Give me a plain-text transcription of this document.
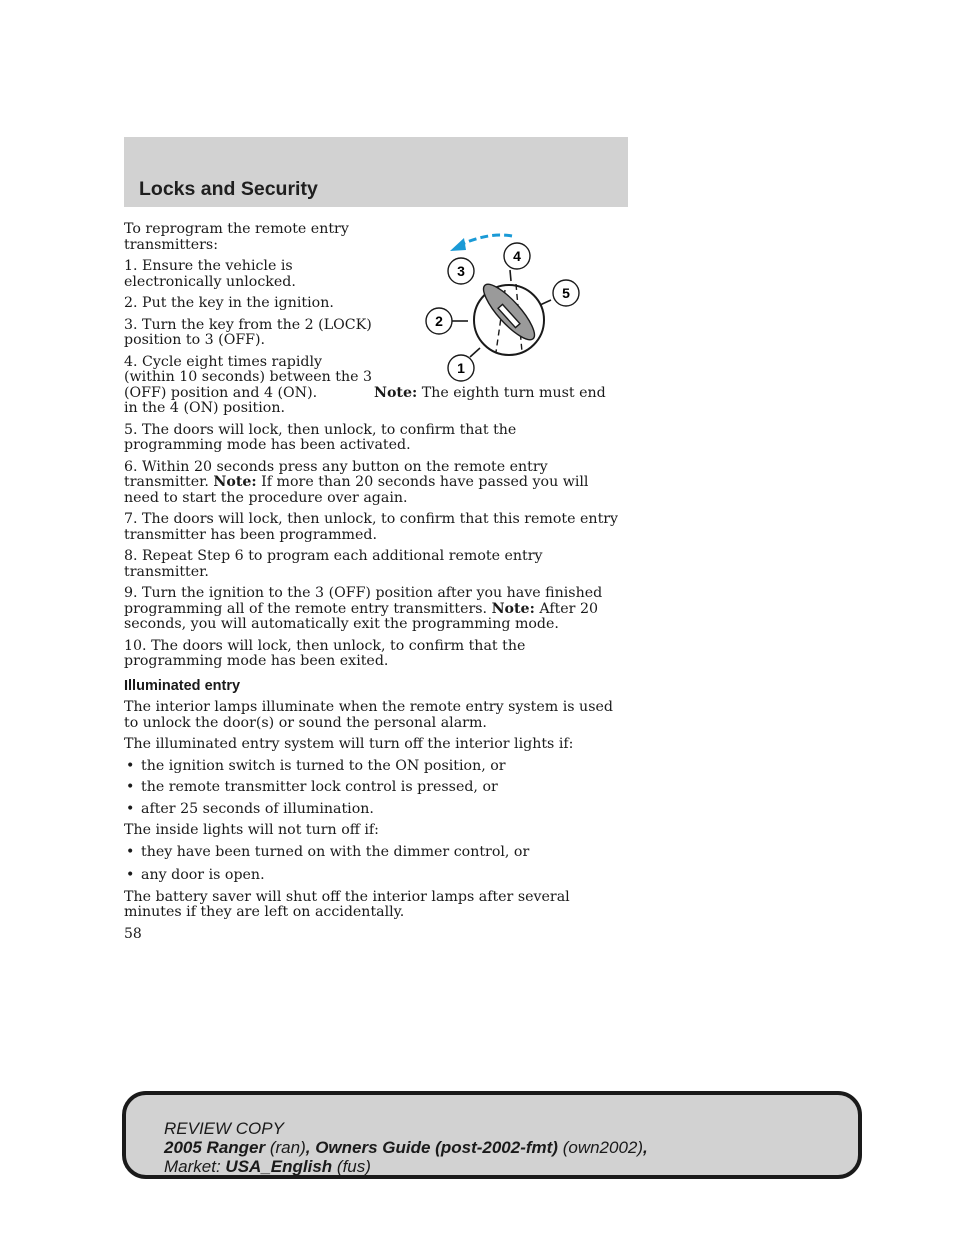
Locks and Security
1
2
3
4
5

To reprogram the remote entry transmitters:

1. Ensure the vehicle is electronically unlocked.

2. Put the key in the ignition.

3. Turn the key from the 2 (LOCK) position to 3 (OFF).

4. Cycle eight times rapidly (within 10 seconds) between the 3 (OFF) position and 4 (ON).	Note: The eighth turn must end in the 4 (ON) position.

5. The doors will lock, then unlock, to confirm that the programming mode has been activated.

6. Within 20 seconds press any button on the remote entry transmitter. Note: If more than 20 seconds have passed you will need to start the procedure over again.

7. The doors will lock, then unlock, to confirm that this remote entry transmitter has been programmed.

8. Repeat Step 6 to program each additional remote entry transmitter.

9. Turn the ignition to the 3 (OFF) position after you have finished programming all of the remote entry transmitters. Note: After 20 seconds, you will automatically exit the programming mode.

10. The doors will lock, then unlock, to confirm that the programming mode has been exited.

Illuminated entry

The interior lamps illuminate when the remote entry system is used to unlock the door(s) or sound the personal alarm.

The illuminated entry system will turn off the interior lights if:

• the ignition switch is turned to the ON position, or
• the remote transmitter lock control is pressed, or
• after 25 seconds of illumination.

The inside lights will not turn off if:

• they have been turned on with the dimmer control, or
• any door is open.

The battery saver will shut off the interior lamps after several minutes if they are left on accidentally.

58
REVIEW COPY
2005 Ranger (ran), Owners Guide (post-2002-fmt) (own2002),
Market: USA_English (fus)
